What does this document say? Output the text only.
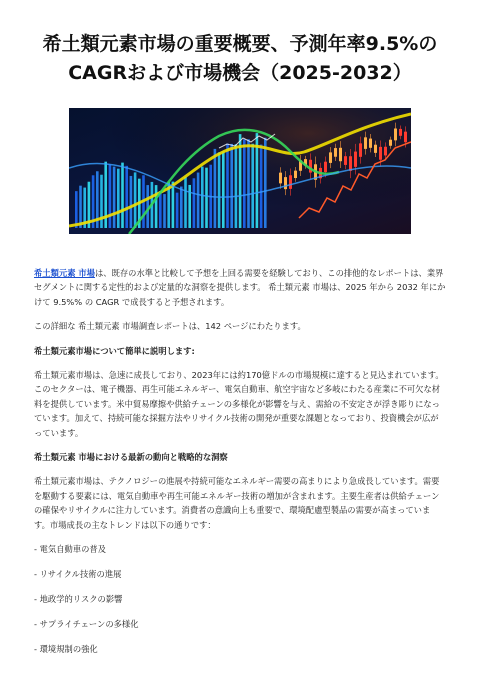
希土類元素市場の重要概要、予測年率9.5%の
CAGRおよび市場機会（2025-2032）

希土類元素 市場は、既存の水準と比較して予想を上回る需要を経験しており、この排他的なレポートは、業界セグメントに関する定性的および定量的な洞察を提供します。 希土類元素 市場は、2025 年から 2032 年にかけて 9.5%% の CAGR で成長すると予想されます。

この詳細な 希土類元素 市場調査レポートは、142 ページにわたります。

希土類元素市場について簡単に説明します:

希土類元素市場は、急速に成長しており、2023年には約170億ドルの市場規模に達すると見込まれています。このセクターは、電子機器、再生可能エネルギー、電気自動車、航空宇宙など多岐にわたる産業に不可欠な材料を提供しています。米中貿易摩擦や供給チェーンの多様化が影響を与え、需給の不安定さが浮き彫りになっています。加えて、持続可能な採掘方法やリサイクル技術の開発が重要な課題となっており、投資機会が広がっています。

希土類元素 市場における最新の動向と戦略的な洞察

希土類元素市場は、テクノロジーの進展や持続可能なエネルギー需要の高まりにより急成長しています。需要を駆動する要素には、電気自動車や再生可能エネルギー技術の増加が含まれます。主要生産者は供給チェーンの確保やリサイクルに注力しています。消費者の意識向上も重要で、環境配慮型製品の需要が高まっています。市場成長の主なトレンドは以下の通りです：

- 電気自動車の普及
- リサイクル技術の進展
- 地政学的リスクの影響
- サプライチェーンの多様化
- 環境規制の強化
